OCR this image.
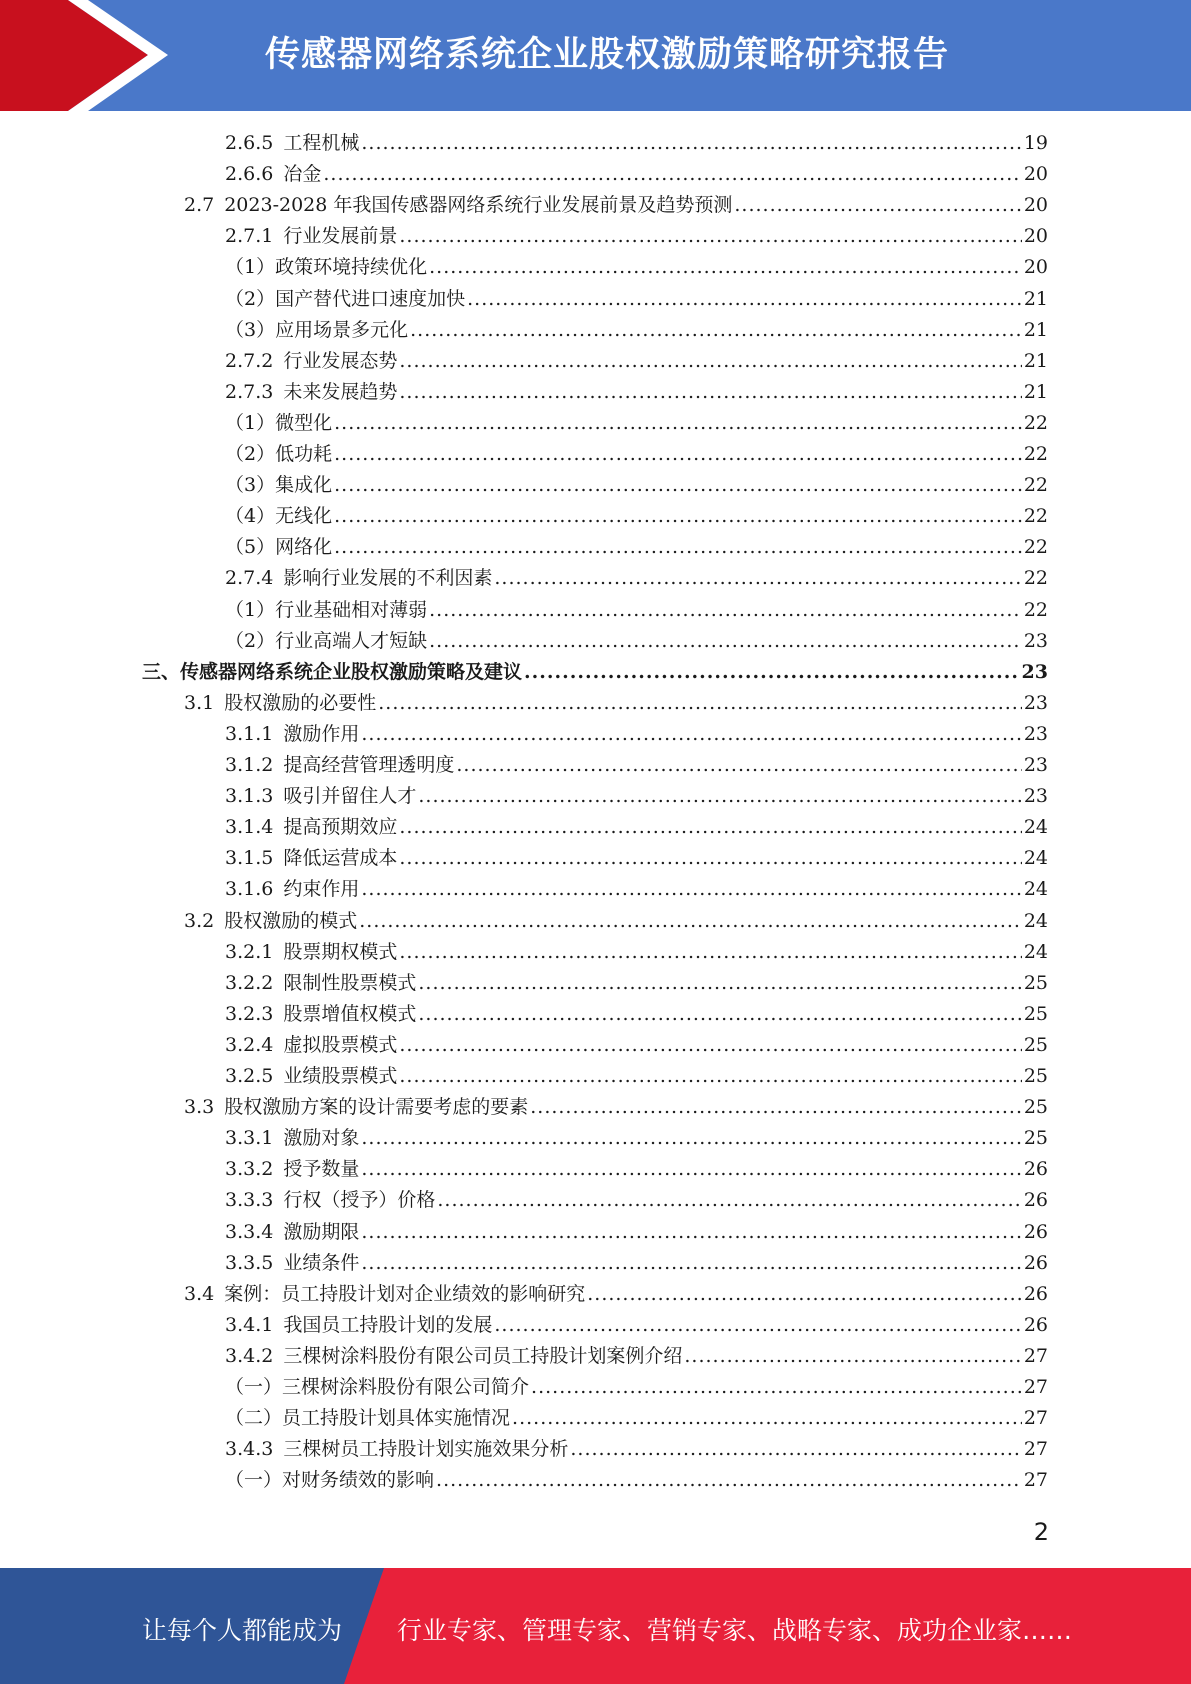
传感器网络系统企业股权激励策略研究报告
2.6.5 工程机械 .....	19
2.6.6 冶金 .....	20
2.7 2023-2028 年我国传感器网络系统行业发展前景及趋势预测 .....	20
2.7.1 行业发展前景 .....	20
（1） 政策环境持续优化 .....	20
（2） 国产替代进口速度加快 .....	21
（3） 应用场景多元化 .....	21
2.7.2 行业发展态势 .....	21
2.7.3 未来发展趋势 .....	21
（1） 微型化 .....	22
（2） 低功耗 .....	22
（3） 集成化 .....	22
（4） 无线化 .....	22
（5） 网络化 .....	22
2.7.4 影响行业发展的不利因素 .....	22
（1） 行业基础相对薄弱 .....	22
（2） 行业高端人才短缺 .....	23
三、 传感器网络系统企业股权激励策略及建议 .....	23
3.1 股权激励的必要性 .....	23
3.1.1 激励作用 .....	23
3.1.2 提高经营管理透明度 .....	23
3.1.3 吸引并留住人才 .....	23
3.1.4 提高预期效应 .....	24
3.1.5 降低运营成本 .....	24
3.1.6 约束作用 .....	24
3.2 股权激励的模式 .....	24
3.2.1 股票期权模式 .....	24
3.2.2 限制性股票模式 .....	25
3.2.3 股票增值权模式 .....	25
3.2.4 虚拟股票模式 .....	25
3.2.5 业绩股票模式 .....	25
3.3 股权激励方案的设计需要考虑的要素 .....	25
3.3.1 激励对象 .....	25
3.3.2 授予数量 .....	26
3.3.3 行权（授予）价格 .....	26
3.3.4 激励期限 .....	26
3.3.5 业绩条件 .....	26
3.4 案例：员工持股计划对企业绩效的影响研究 .....	26
3.4.1 我国员工持股计划的发展 .....	26
3.4.2 三棵树涂料股份有限公司员工持股计划案例介绍 .....	27
（一） 三棵树涂料股份有限公司简介 .....	27
（二） 员工持股计划具体实施情况 .....	27
3.4.3 三棵树员工持股计划实施效果分析 .....	27
（一） 对财务绩效的影响 .....	27
2
让每个人都能成为 行业专家、管理专家、营销专家、战略专家、成功企业家……
